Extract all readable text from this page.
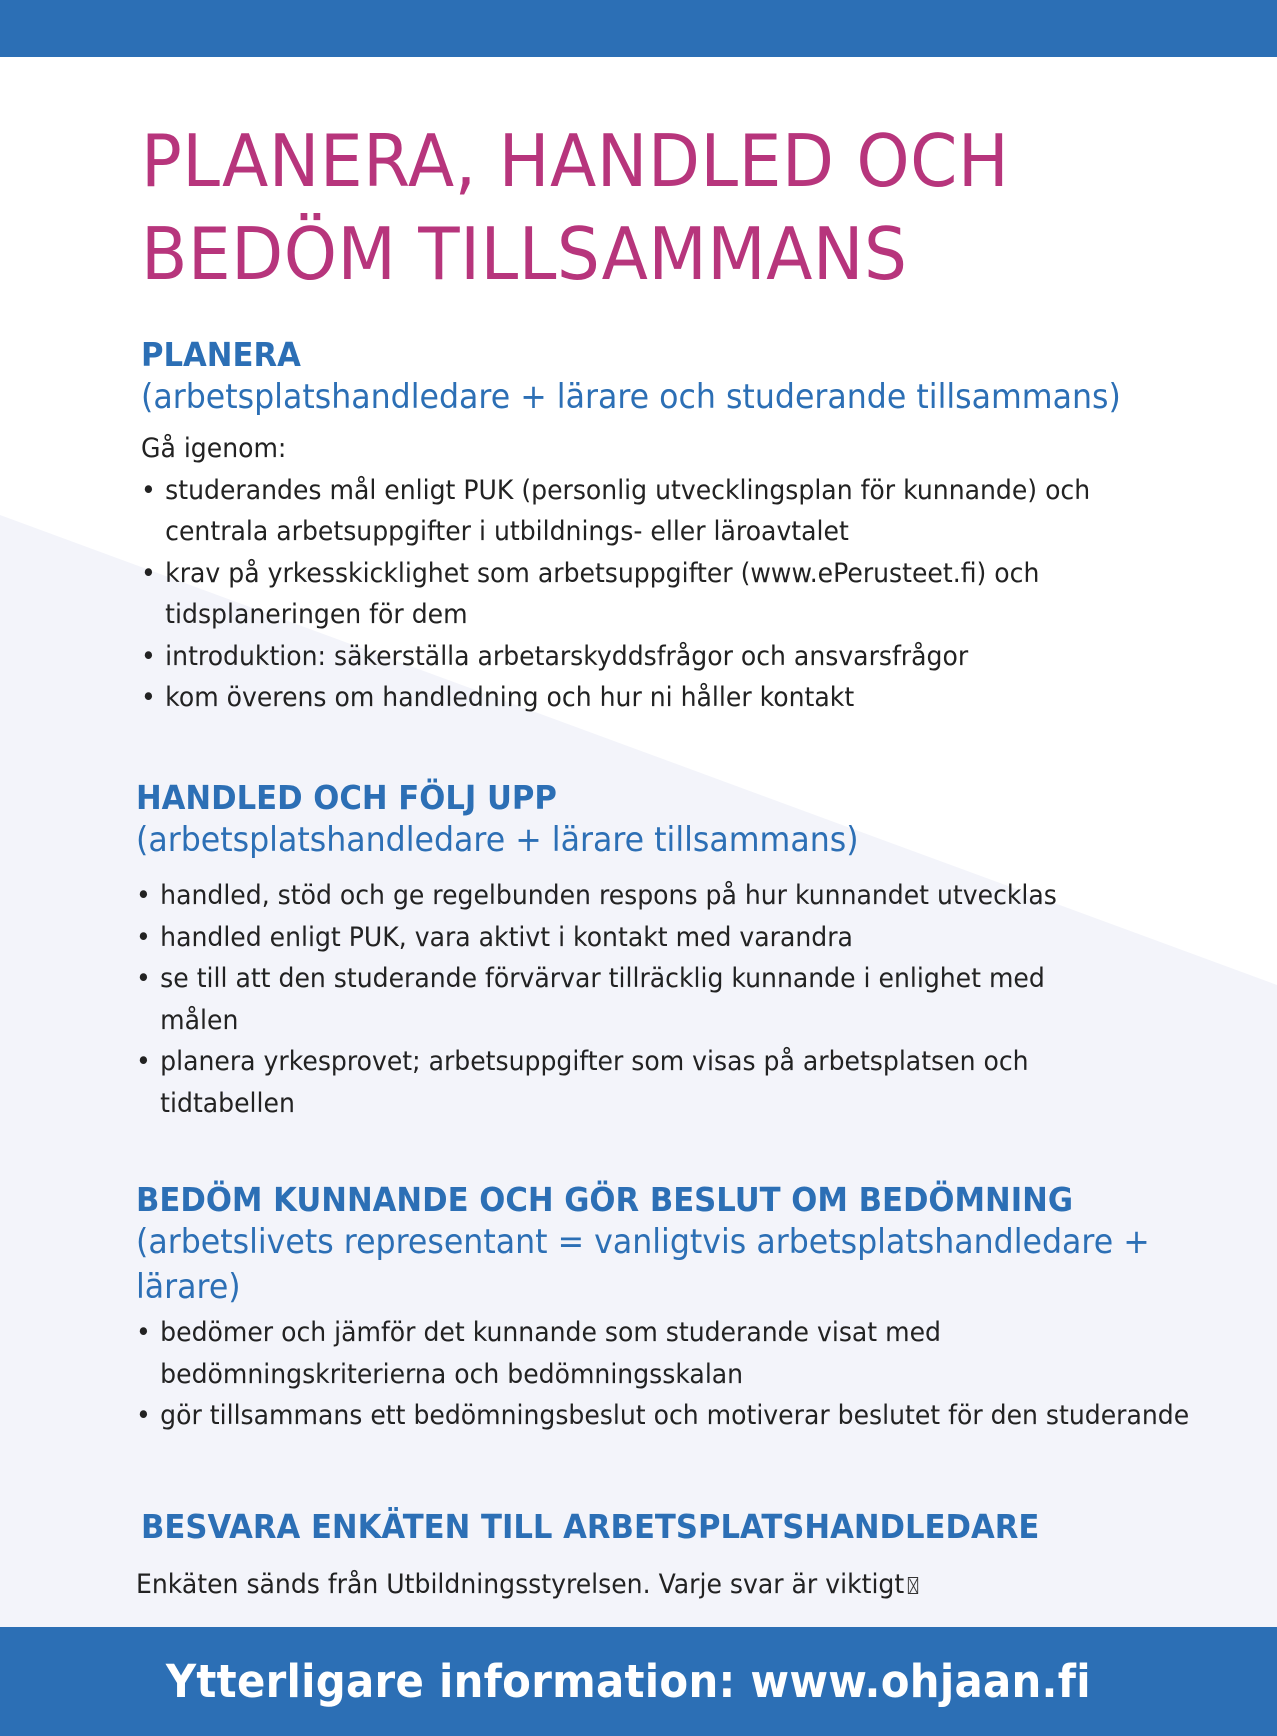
PLANERA, HANDLED OCH
BEDÖM TILLSAMMANS
PLANERA
(arbetsplatshandledare + lärare och studerande tillsammans)
Gå igenom:
• studerandes mål enligt PUK (personlig utvecklingsplan för kunnande) och
centrala arbetsuppgifter i utbildnings- eller läroavtalet
• krav på yrkesskicklighet som arbetsuppgifter (www.ePerusteet.fi) och
tidsplaneringen för dem
• introduktion: säkerställa arbetarskyddsfrågor och ansvarsfrågor
• kom överens om handledning och hur ni håller kontakt
HANDLED OCH FÖLJ UPP
(arbetsplatshandledare + lärare tillsammans)
• handled, stöd och ge regelbunden respons på hur kunnandet utvecklas
• handled enligt PUK, vara aktivt i kontakt med varandra
• se till att den studerande förvärvar tillräcklig kunnande i enlighet med
målen
• planera yrkesprovet; arbetsuppgifter som visas på arbetsplatsen och
tidtabellen
BEDÖM KUNNANDE OCH GÖR BESLUT OM BEDÖMNING
(arbetslivets representant = vanligtvis arbetsplatshandledare +
lärare)
• bedömer och jämför det kunnande som studerande visat med
bedömningskriterierna och bedömningsskalan
• gör tillsammans ett bedömningsbeslut och motiverar beslutet för den studerande
BESVARA ENKÄTEN TILL ARBETSPLATSHANDLEDARE
Enkäten sänds från Utbildningsstyrelsen. Varje svar är viktigt
Ytterligare information: www.ohjaan.fi
